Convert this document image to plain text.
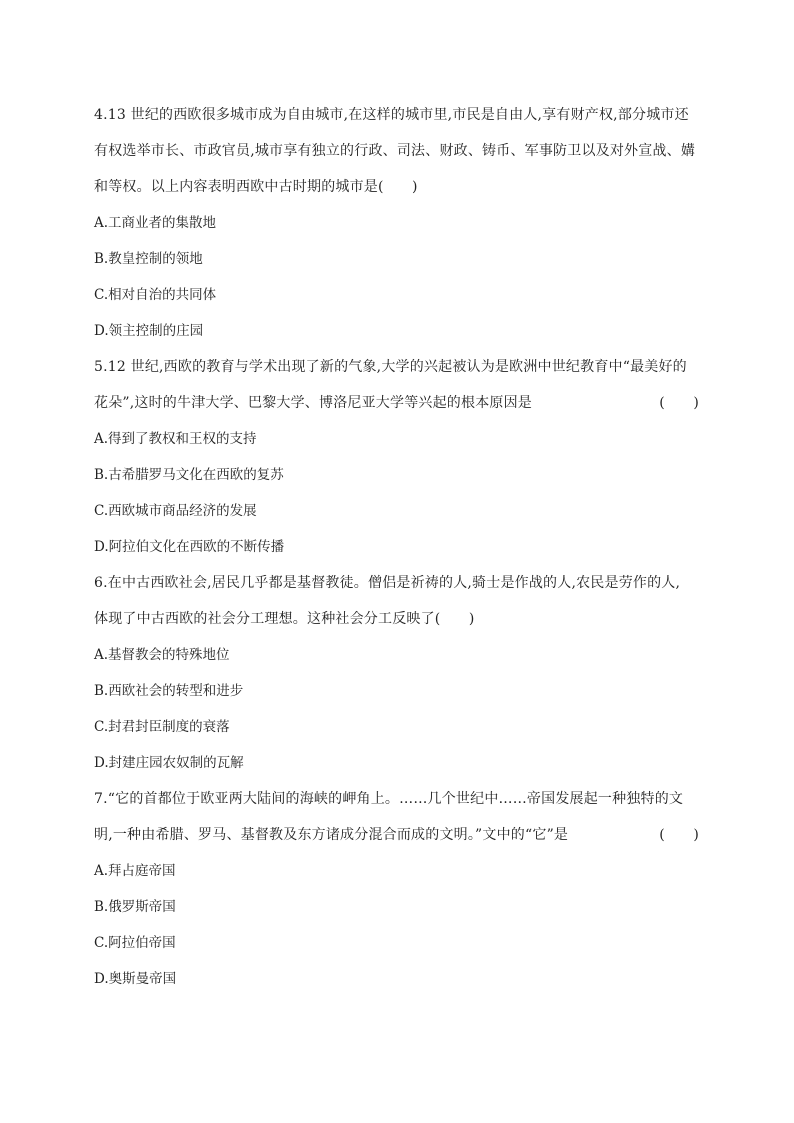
4.13 世纪的西欧很多城市成为自由城市,在这样的城市里,市民是自由人,享有财产权,部分城市还
有权选举市长、市政官员,城市享有独立的行政、司法、财政、铸币、军事防卫以及对外宣战、媾
和等权。以上内容表明西欧中古时期的城市是(　　)
A.工商业者的集散地
B.教皇控制的领地
C.相对自治的共同体
D.领主控制的庄园
5.12 世纪,西欧的教育与学术出现了新的气象,大学的兴起被认为是欧洲中世纪教育中“最美好的
花朵”,这时的牛津大学、巴黎大学、博洛尼亚大学等兴起的根本原因是	(　　)
A.得到了教权和王权的支持
B.古希腊罗马文化在西欧的复苏
C.西欧城市商品经济的发展
D.阿拉伯文化在西欧的不断传播
6.在中古西欧社会,居民几乎都是基督教徒。僧侣是祈祷的人,骑士是作战的人,农民是劳作的人,
体现了中古西欧的社会分工理想。这种社会分工反映了(　　)
A.基督教会的特殊地位
B.西欧社会的转型和进步
C.封君封臣制度的衰落
D.封建庄园农奴制的瓦解
7.“它的首都位于欧亚两大陆间的海峡的岬角上。……几个世纪中……帝国发展起一种独特的文
明,一种由希腊、罗马、基督教及东方诸成分混合而成的文明。”文中的“它”是	(　　)
A.拜占庭帝国
B.俄罗斯帝国
C.阿拉伯帝国
D.奥斯曼帝国
